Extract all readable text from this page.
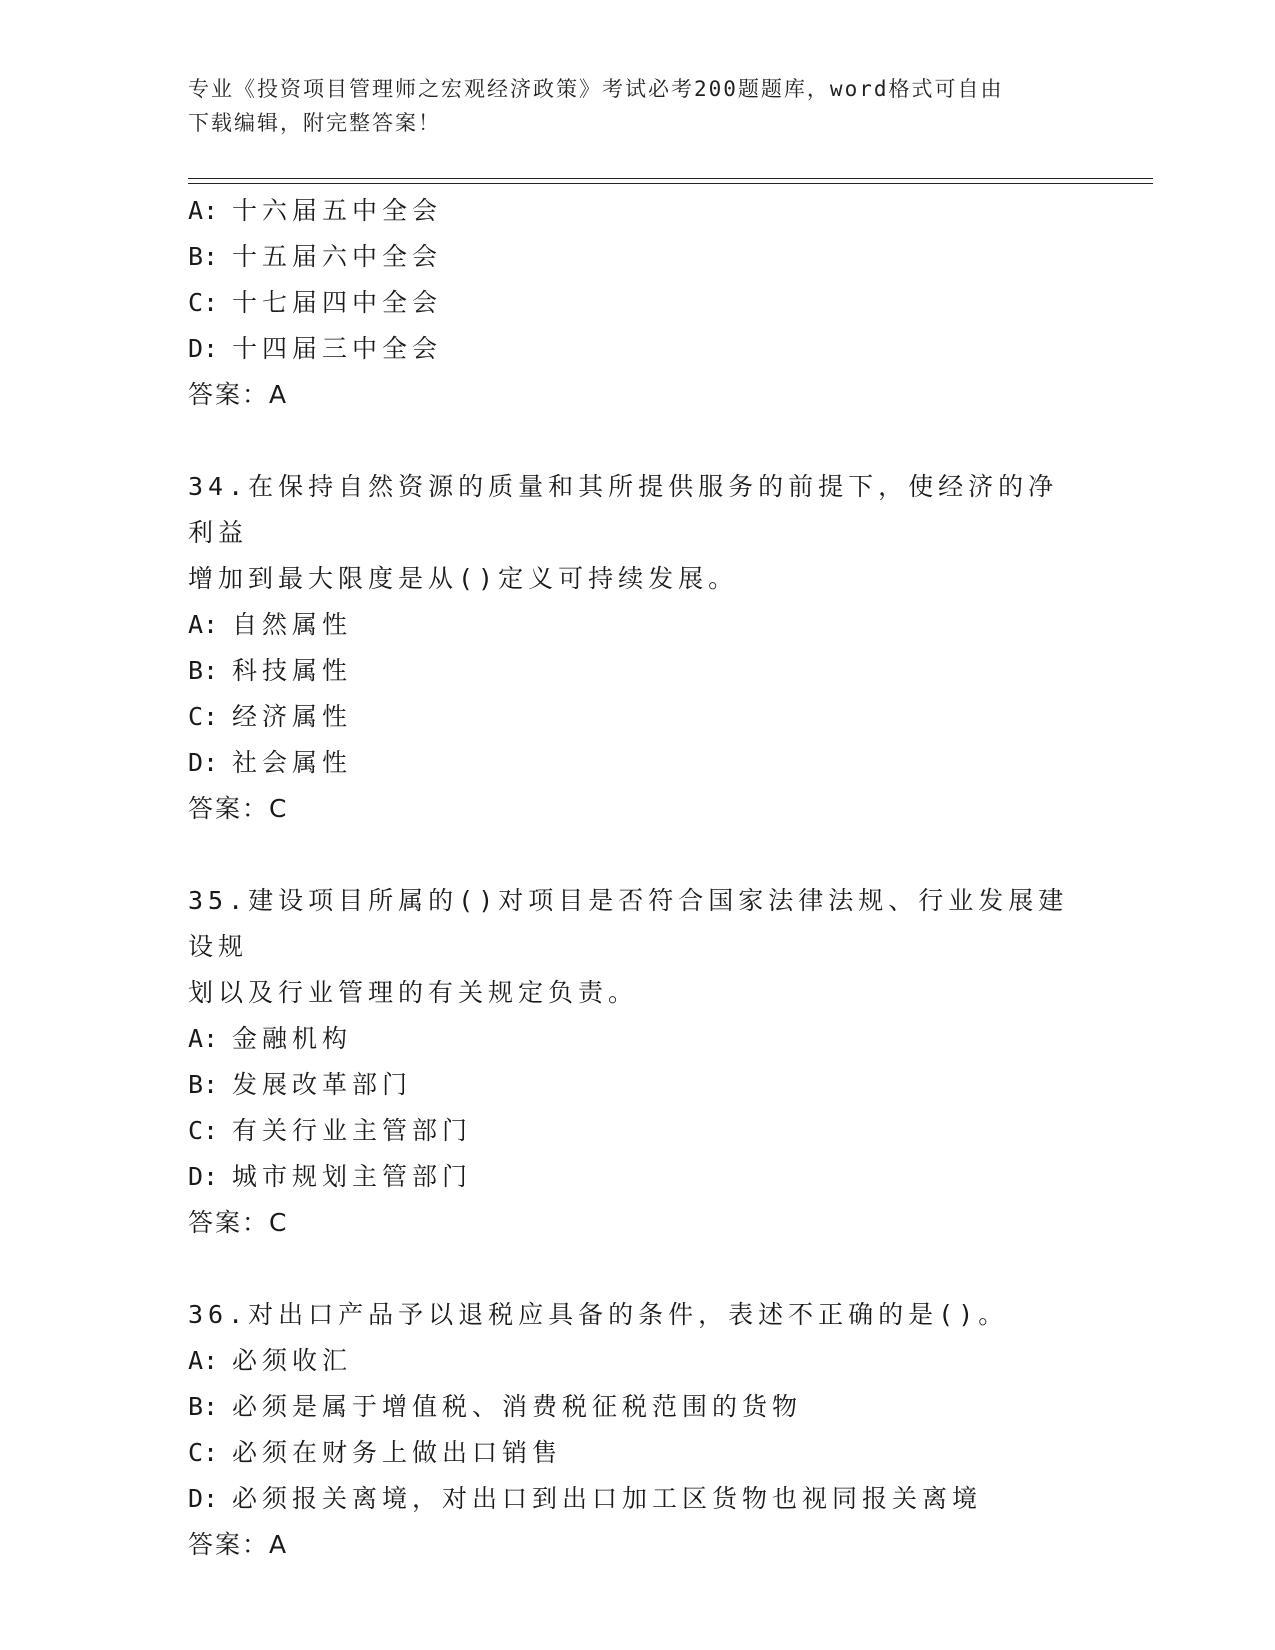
专业《投资项目管理师之宏观经济政策》考试必考200题题库，word格式可自由
下载编辑，附完整答案！

A: 十六届五中全会

B: 十五届六中全会

C: 十七届四中全会

D: 十四届三中全会

答案：A

34.在保持自然资源的质量和其所提供服务的前提下，使经济的净利益

增加到最大限度是从()定义可持续发展。

A: 自然属性

B: 科技属性

C: 经济属性

D: 社会属性

答案：C

35.建设项目所属的()对项目是否符合国家法律法规、行业发展建设规

划以及行业管理的有关规定负责。

A: 金融机构

B: 发展改革部门

C: 有关行业主管部门

D: 城市规划主管部门

答案：C

36.对出口产品予以退税应具备的条件，表述不正确的是()。

A: 必须收汇

B: 必须是属于增值税、消费税征税范围的货物

C: 必须在财务上做出口销售

D: 必须报关离境，对出口到出口加工区货物也视同报关离境

答案：A
